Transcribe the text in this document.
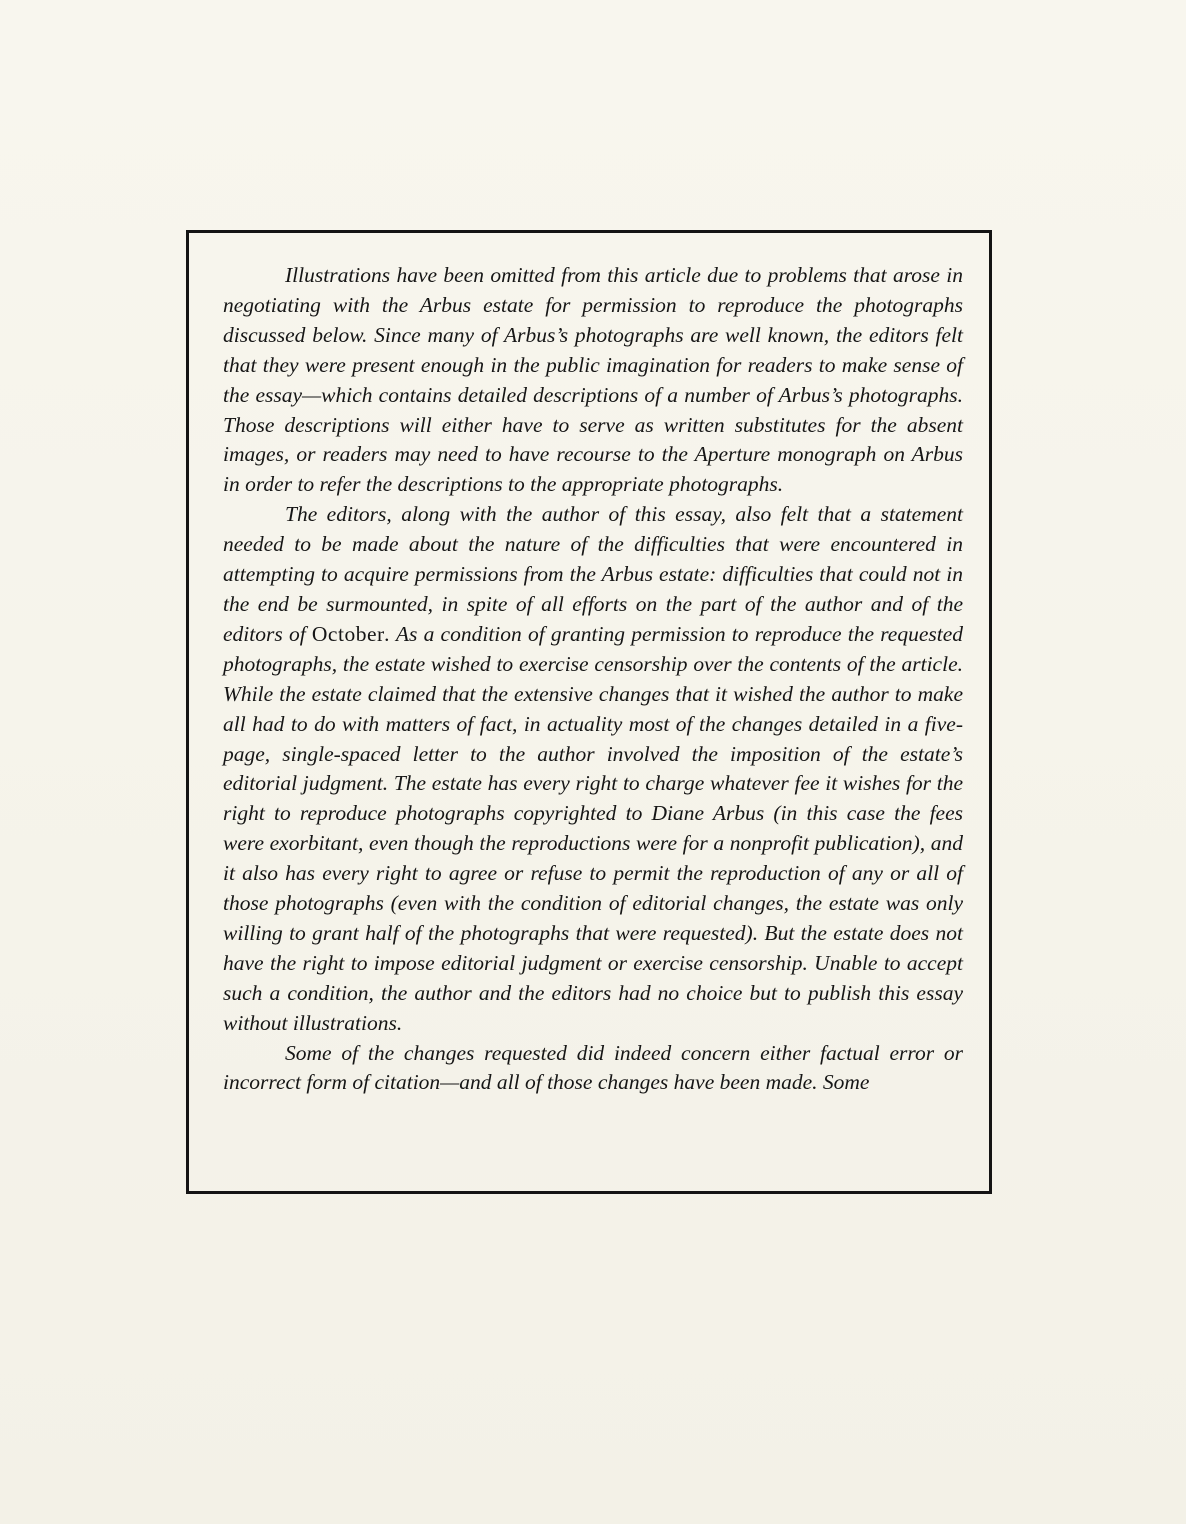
Illustrations have been omitted from this article due to problems that arose in negotiating with the Arbus estate for permission to reproduce the photographs discussed below. Since many of Arbus’s photographs are well known, the editors felt that they were present enough in the public imagination for readers to make sense of the essay—which contains detailed descriptions of a number of Arbus’s photographs. Those descriptions will either have to serve as written substitutes for the absent images, or readers may need to have recourse to the Aperture monograph on Arbus in order to refer the descriptions to the appropriate photographs.

The editors, along with the author of this essay, also felt that a statement needed to be made about the nature of the difficulties that were encountered in attempting to acquire permissions from the Arbus estate: difficulties that could not in the end be surmounted, in spite of all efforts on the part of the author and of the editors of October. As a condition of granting permission to reproduce the requested photographs, the estate wished to exercise censorship over the contents of the article. While the estate claimed that the extensive changes that it wished the author to make all had to do with matters of fact, in actuality most of the changes detailed in a five-page, single-spaced letter to the author involved the imposition of the estate’s editorial judgment. The estate has every right to charge whatever fee it wishes for the right to reproduce photographs copyrighted to Diane Arbus (in this case the fees were exorbitant, even though the reproductions were for a nonprofit publication), and it also has every right to agree or refuse to permit the reproduction of any or all of those photographs (even with the condition of editorial changes, the estate was only willing to grant half of the photographs that were requested). But the estate does not have the right to impose editorial judgment or exercise censorship. Unable to accept such a condition, the author and the editors had no choice but to publish this essay without illustrations.

Some of the changes requested did indeed concern either factual error or incorrect form of citation—and all of those changes have been made. Some
